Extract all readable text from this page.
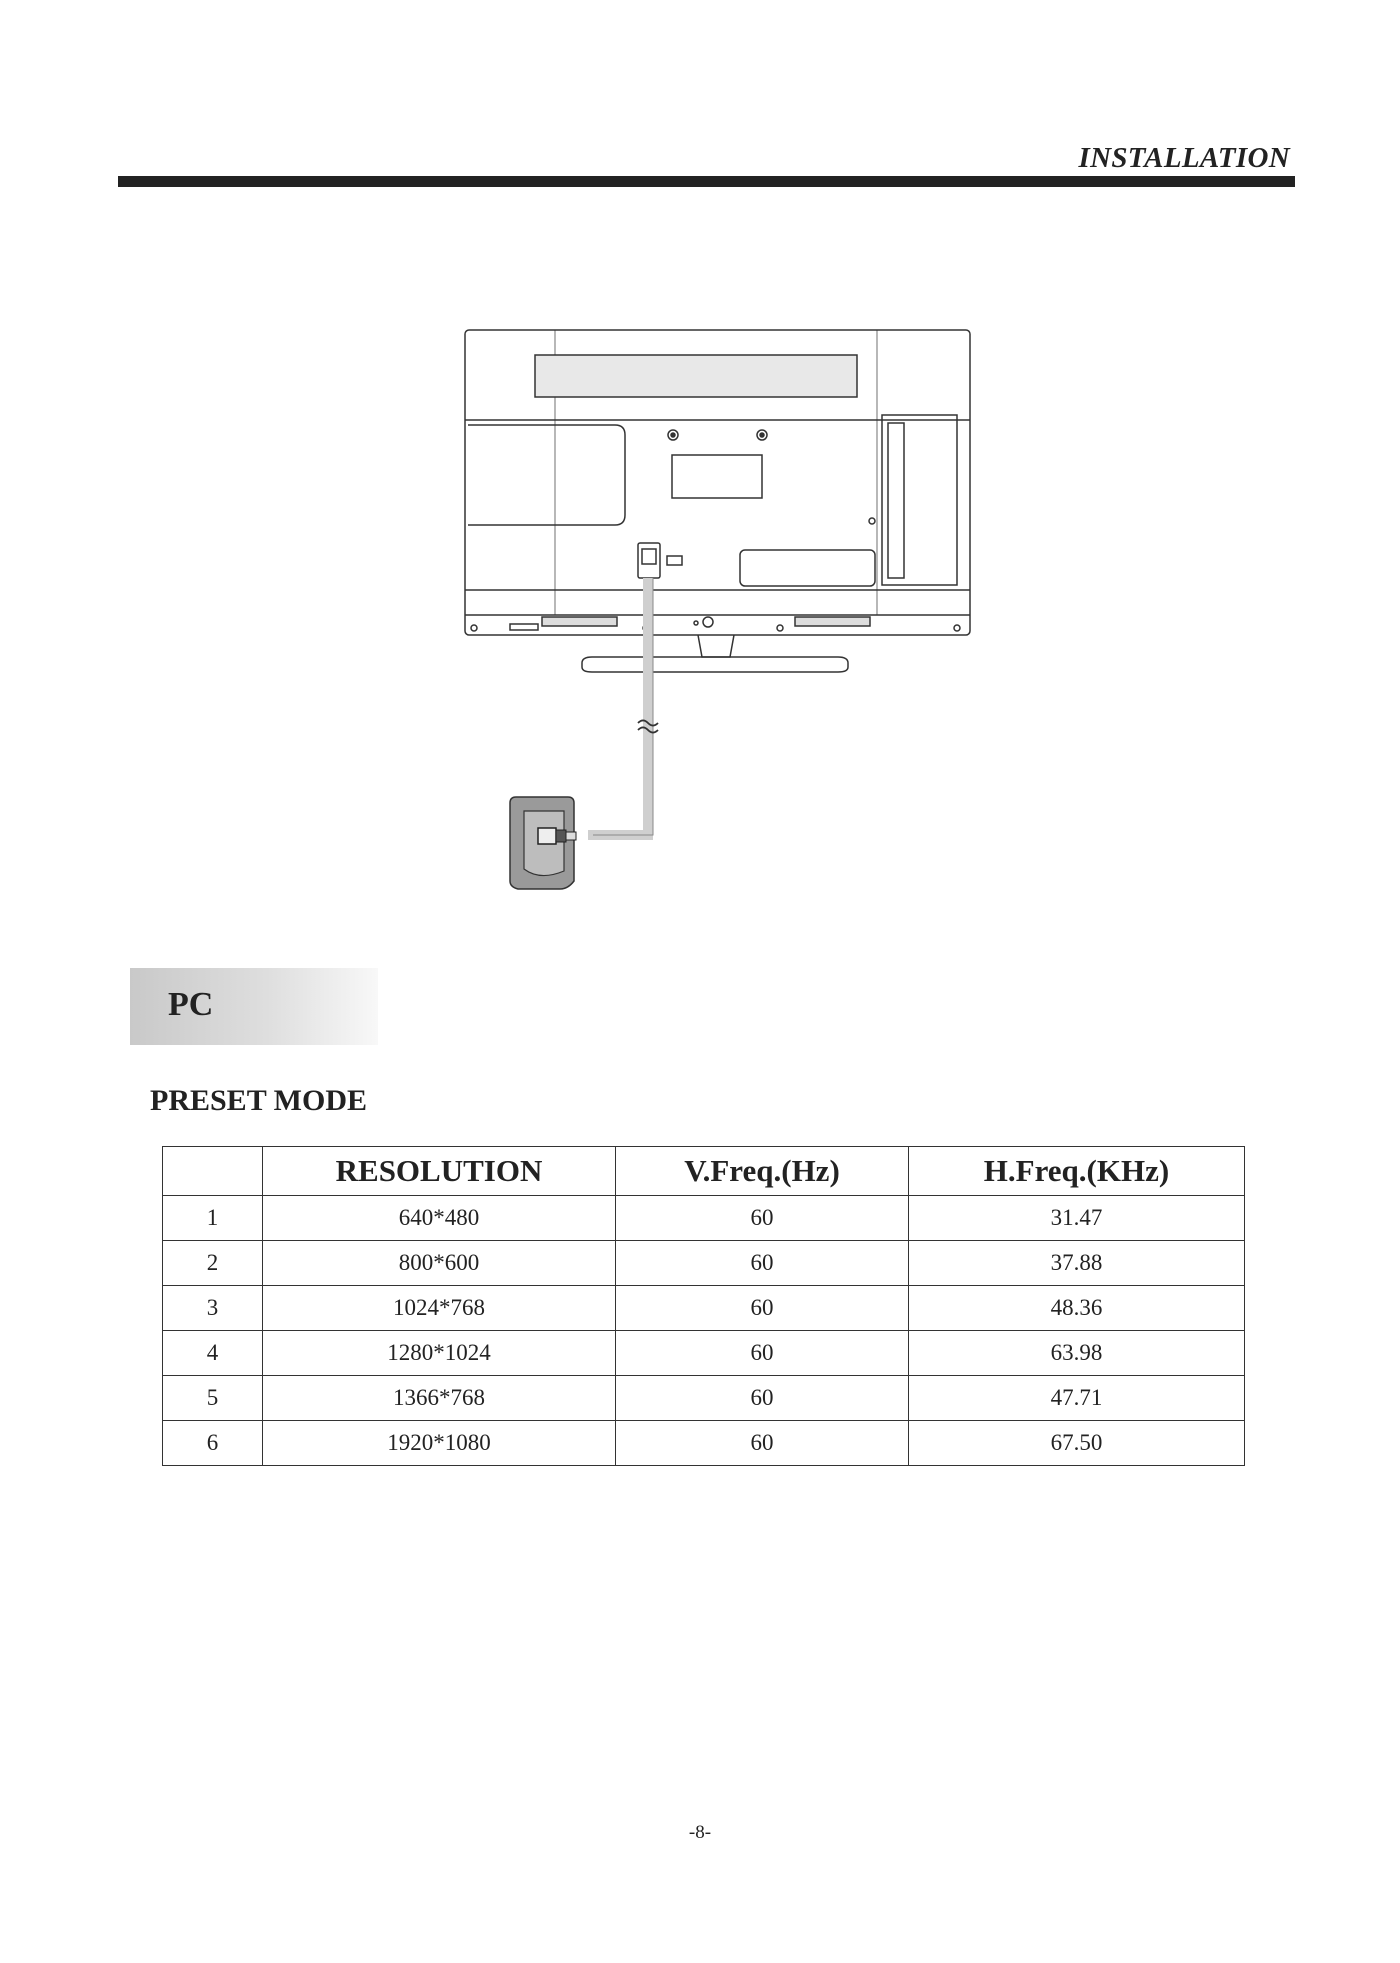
INSTALLATION
PC
PRESET MODE
	RESOLUTION	V.Freq.(Hz)	H.Freq.(KHz)
1	640*480	60	31.47
2	800*600	60	37.88
3	1024*768	60	48.36
4	1280*1024	60	63.98
5	1366*768	60	47.71
6	1920*1080	60	67.50
-8-
